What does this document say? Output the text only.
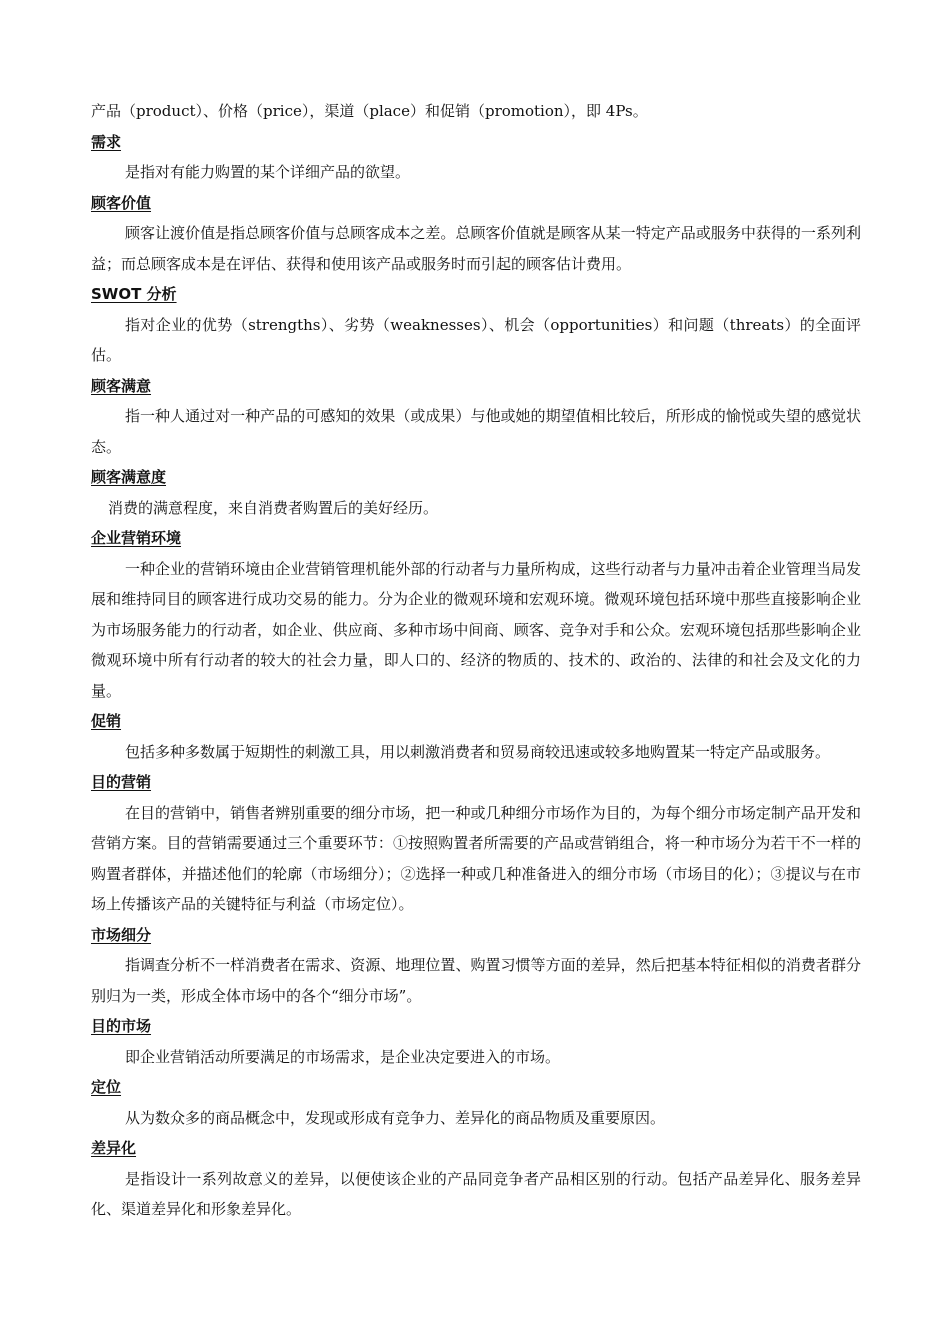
产品（product）、价格（price），渠道（place）和促销（promotion），即 4Ps。

需求

是指对有能力购置的某个详细产品的欲望。

顾客价值

顾客让渡价值是指总顾客价值与总顾客成本之差。总顾客价值就是顾客从某一特定产品或服务中获得的一系列利益；而总顾客成本是在评估、获得和使用该产品或服务时而引起的顾客估计费用。

SWOT 分析

指对企业的优势（strengths）、劣势（weaknesses）、机会（opportunities）和问题（threats）的全面评估。

顾客满意

指一种人通过对一种产品的可感知的效果（或成果）与他或她的期望值相比较后，所形成的愉悦或失望的感觉状态。

顾客满意度

消费的满意程度，来自消费者购置后的美好经历。

企业营销环境

一种企业的营销环境由企业营销管理机能外部的行动者与力量所构成，这些行动者与力量冲击着企业管理当局发展和维持同目的顾客进行成功交易的能力。分为企业的微观环境和宏观环境。微观环境包括环境中那些直接影响企业为市场服务能力的行动者，如企业、供应商、多种市场中间商、顾客、竞争对手和公众。宏观环境包括那些影响企业微观环境中所有行动者的较大的社会力量，即人口的、经济的物质的、技术的、政治的、法律的和社会及文化的力量。

促销

包括多种多数属于短期性的刺激工具，用以刺激消费者和贸易商较迅速或较多地购置某一特定产品或服务。

目的营销

在目的营销中，销售者辨别重要的细分市场，把一种或几种细分市场作为目的，为每个细分市场定制产品开发和营销方案。目的营销需要通过三个重要环节：①按照购置者所需要的产品或营销组合，将一种市场分为若干不一样的购置者群体，并描述他们的轮廓（市场细分）；②选择一种或几种准备进入的细分市场（市场目的化）；③提议与在市场上传播该产品的关键特征与利益（市场定位）。

市场细分

指调查分析不一样消费者在需求、资源、地理位置、购置习惯等方面的差异，然后把基本特征相似的消费者群分别归为一类，形成全体市场中的各个“细分市场”。

目的市场

即企业营销活动所要满足的市场需求，是企业决定要进入的市场。

定位

从为数众多的商品概念中，发现或形成有竞争力、差异化的商品物质及重要原因。

差异化

是指设计一系列故意义的差异，以便使该企业的产品同竞争者产品相区别的行动。包括产品差异化、服务差异化、渠道差异化和形象差异化。
